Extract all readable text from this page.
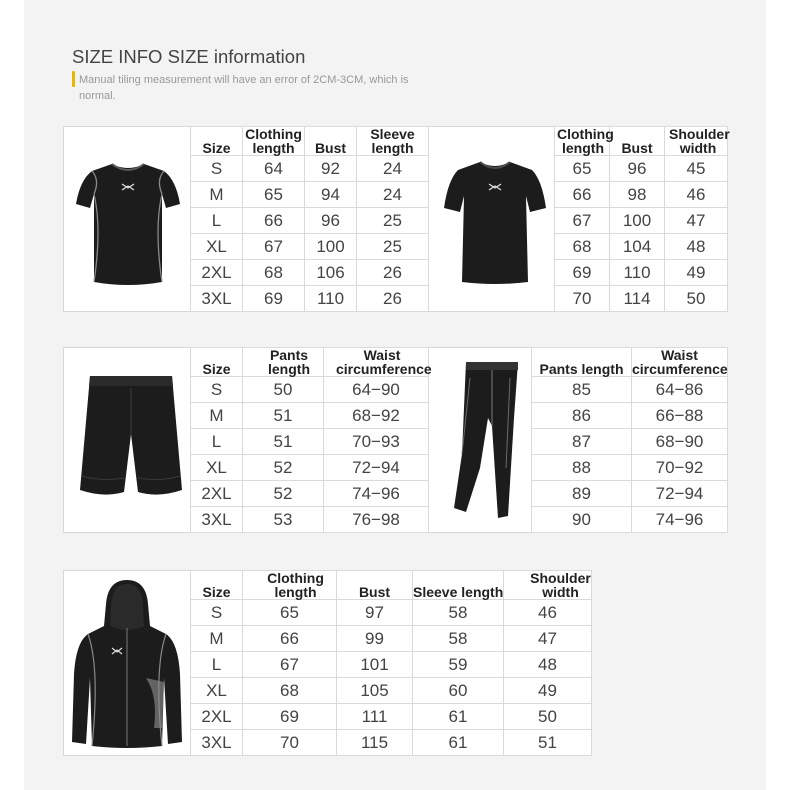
SIZE INFO SIZE information
Manual tiling measurement will have an error of 2CM-3CM, which is normal.
Size	Clothing length	Bust	Sleeve length
S	64	92	24
M	65	94	24
L	66	96	25
XL	67	100	25
2XL	68	106	26
3XL	69	110	26
Clothing length	Bust	Shoulder width
65	96	45
66	98	46
67	100	47
68	104	48
69	110	49
70	114	50
Size	Pants length	Waist circumference
S	50	64−90
M	51	68−92
L	51	70−93
XL	52	72−94
2XL	52	74−96
3XL	53	76−98
Pants length	Waist circumference
85	64−86
86	66−88
87	68−90
88	70−92
89	72−94
90	74−96
Size	Clothing length	Bust	Sleeve length	Shoulder width
S	65	97	58	46
M	66	99	58	47
L	67	101	59	48
XL	68	105	60	49
2XL	69	111	61	50
3XL	70	115	61	51
